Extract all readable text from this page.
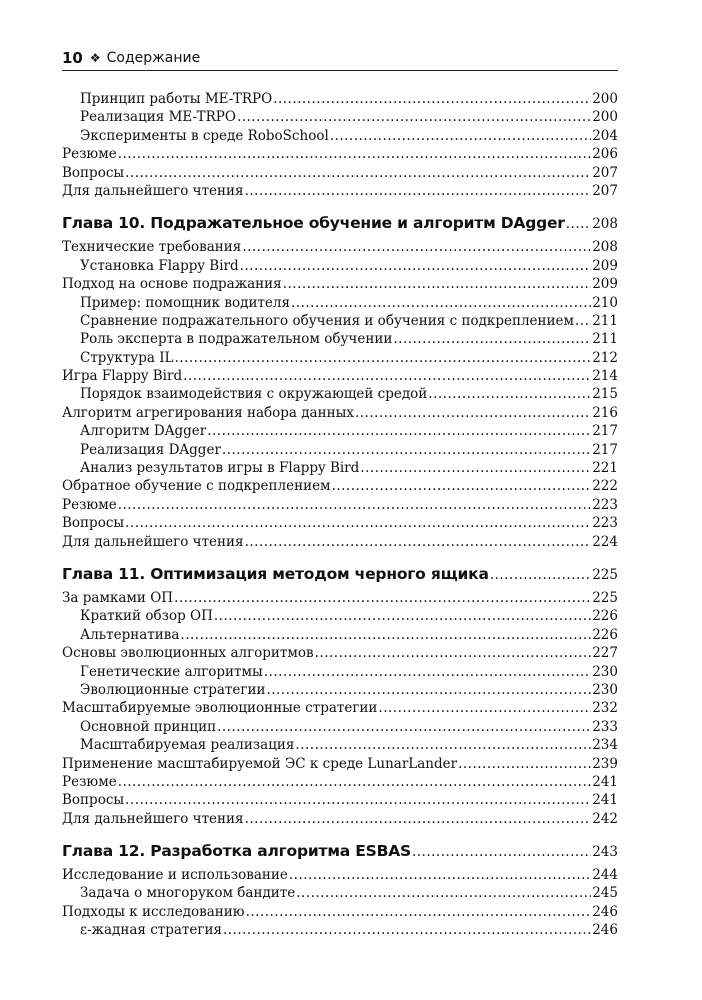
10 ❖ Содержание
Принцип работы ME-TRPO .....	200
Реализация ME-TRPO .....	200
Эксперименты в среде RoboSchool .....	204
Резюме .....	206
Вопросы .....	207
Для дальнейшего чтения .....	207
Глава 10. Подражательное обучение и алгоритм DAgger ..... 208
Технические требования .....	208
Установка Flappy Bird .....	209
Подход на основе подражания .....	209
Пример: помощник водителя .....	210
Сравнение подражательного обучения и обучения с подкреплением ..... 211
Роль эксперта в подражательном обучении .....	211
Структура IL .....	212
Игра Flappy Bird .....	214
Порядок взаимодействия с окружающей средой .....	215
Алгоритм агрегирования набора данных .....	216
Алгоритм DAgger .....	217
Реализация DAgger .....	217
Анализ результатов игры в Flappy Bird .....	221
Обратное обучение с подкреплением .....	222
Резюме .....	223
Вопросы .....	223
Для дальнейшего чтения .....	224
Глава 11. Оптимизация методом черного ящика .....	225
За рамками ОП .....	225
Краткий обзор ОП .....	226
Альтернатива .....	226
Основы эволюционных алгоритмов .....	227
Генетические алгоритмы .....	230
Эволюционные стратегии .....	230
Масштабируемые эволюционные стратегии .....	232
Основной принцип .....	233
Масштабируемая реализация .....	234
Применение масштабируемой ЭС к среде LunarLander .....	239
Резюме .....	241
Вопросы .....	241
Для дальнейшего чтения .....	242
Глава 12. Разработка алгоритма ESBAS .....	243
Исследование и использование .....	244
Задача о многоруком бандите .....	245
Подходы к исследованию .....	246
ε-жадная стратегия .....	246
